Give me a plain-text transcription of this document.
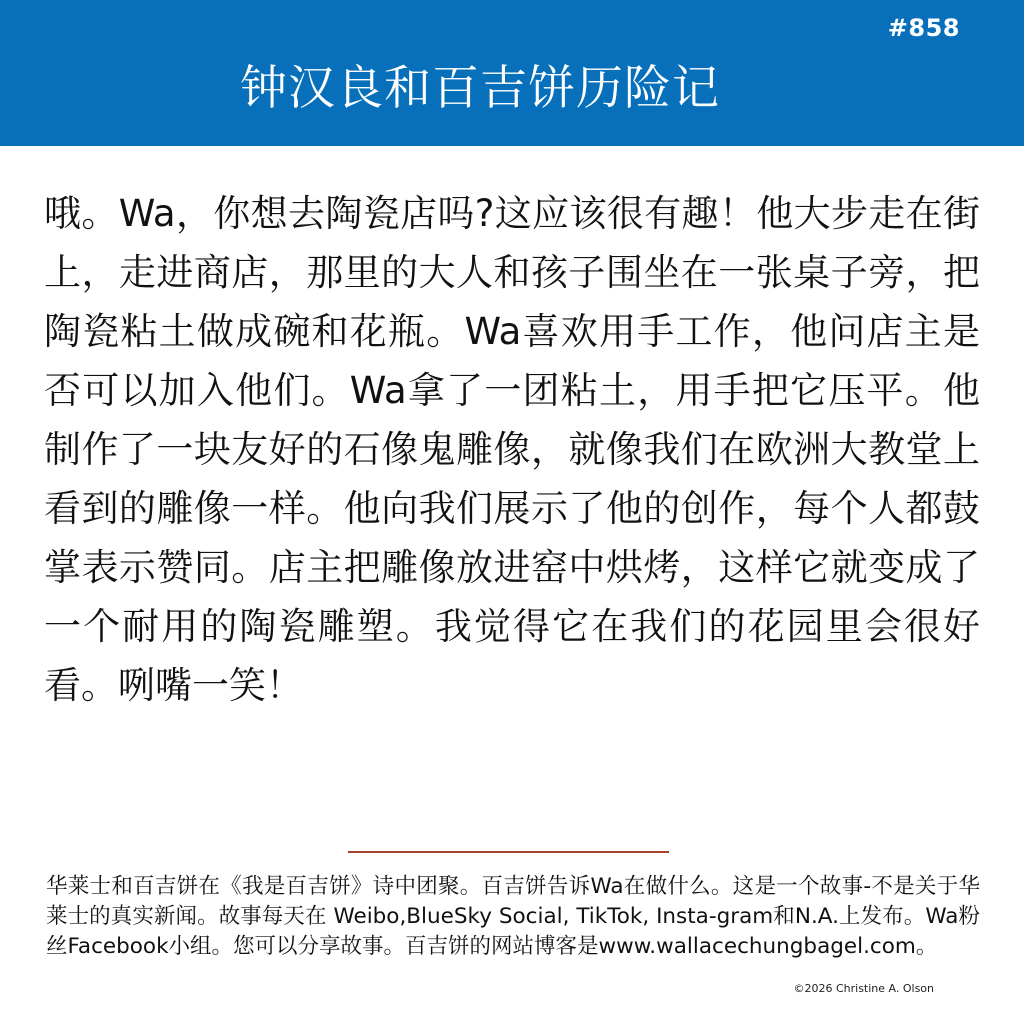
#858
钟汉良和百吉饼历险记

哦。Wa，你想去陶瓷店吗?这应该很有趣！他大步走在街上，走进商店，那里的大人和孩子围坐在一张桌子旁，把陶瓷粘土做成碗和花瓶。Wa喜欢用手工作，他问店主是否可以加入他们。Wa拿了一团粘土，用手把它压平。他制作了一块友好的石像鬼雕像，就像我们在欧洲大教堂上看到的雕像一样。他向我们展示了他的创作，每个人都鼓掌表示赞同。店主把雕像放进窑中烘烤，这样它就变成了一个耐用的陶瓷雕塑。我觉得它在我们的花园里会很好看。咧嘴一笑！

华莱士和百吉饼在《我是百吉饼》诗中团聚。百吉饼告诉Wa在做什么。这是一个故事-不是关于华莱士的真实新闻。故事每天在 Weibo,BlueSky Social, TikTok, Insta-gram和N.A.上发布。Wa粉丝Facebook小组。您可以分享故事。百吉饼的网站博客是www.wallacechungbagel.com。

©2026 Christine A. Olson
